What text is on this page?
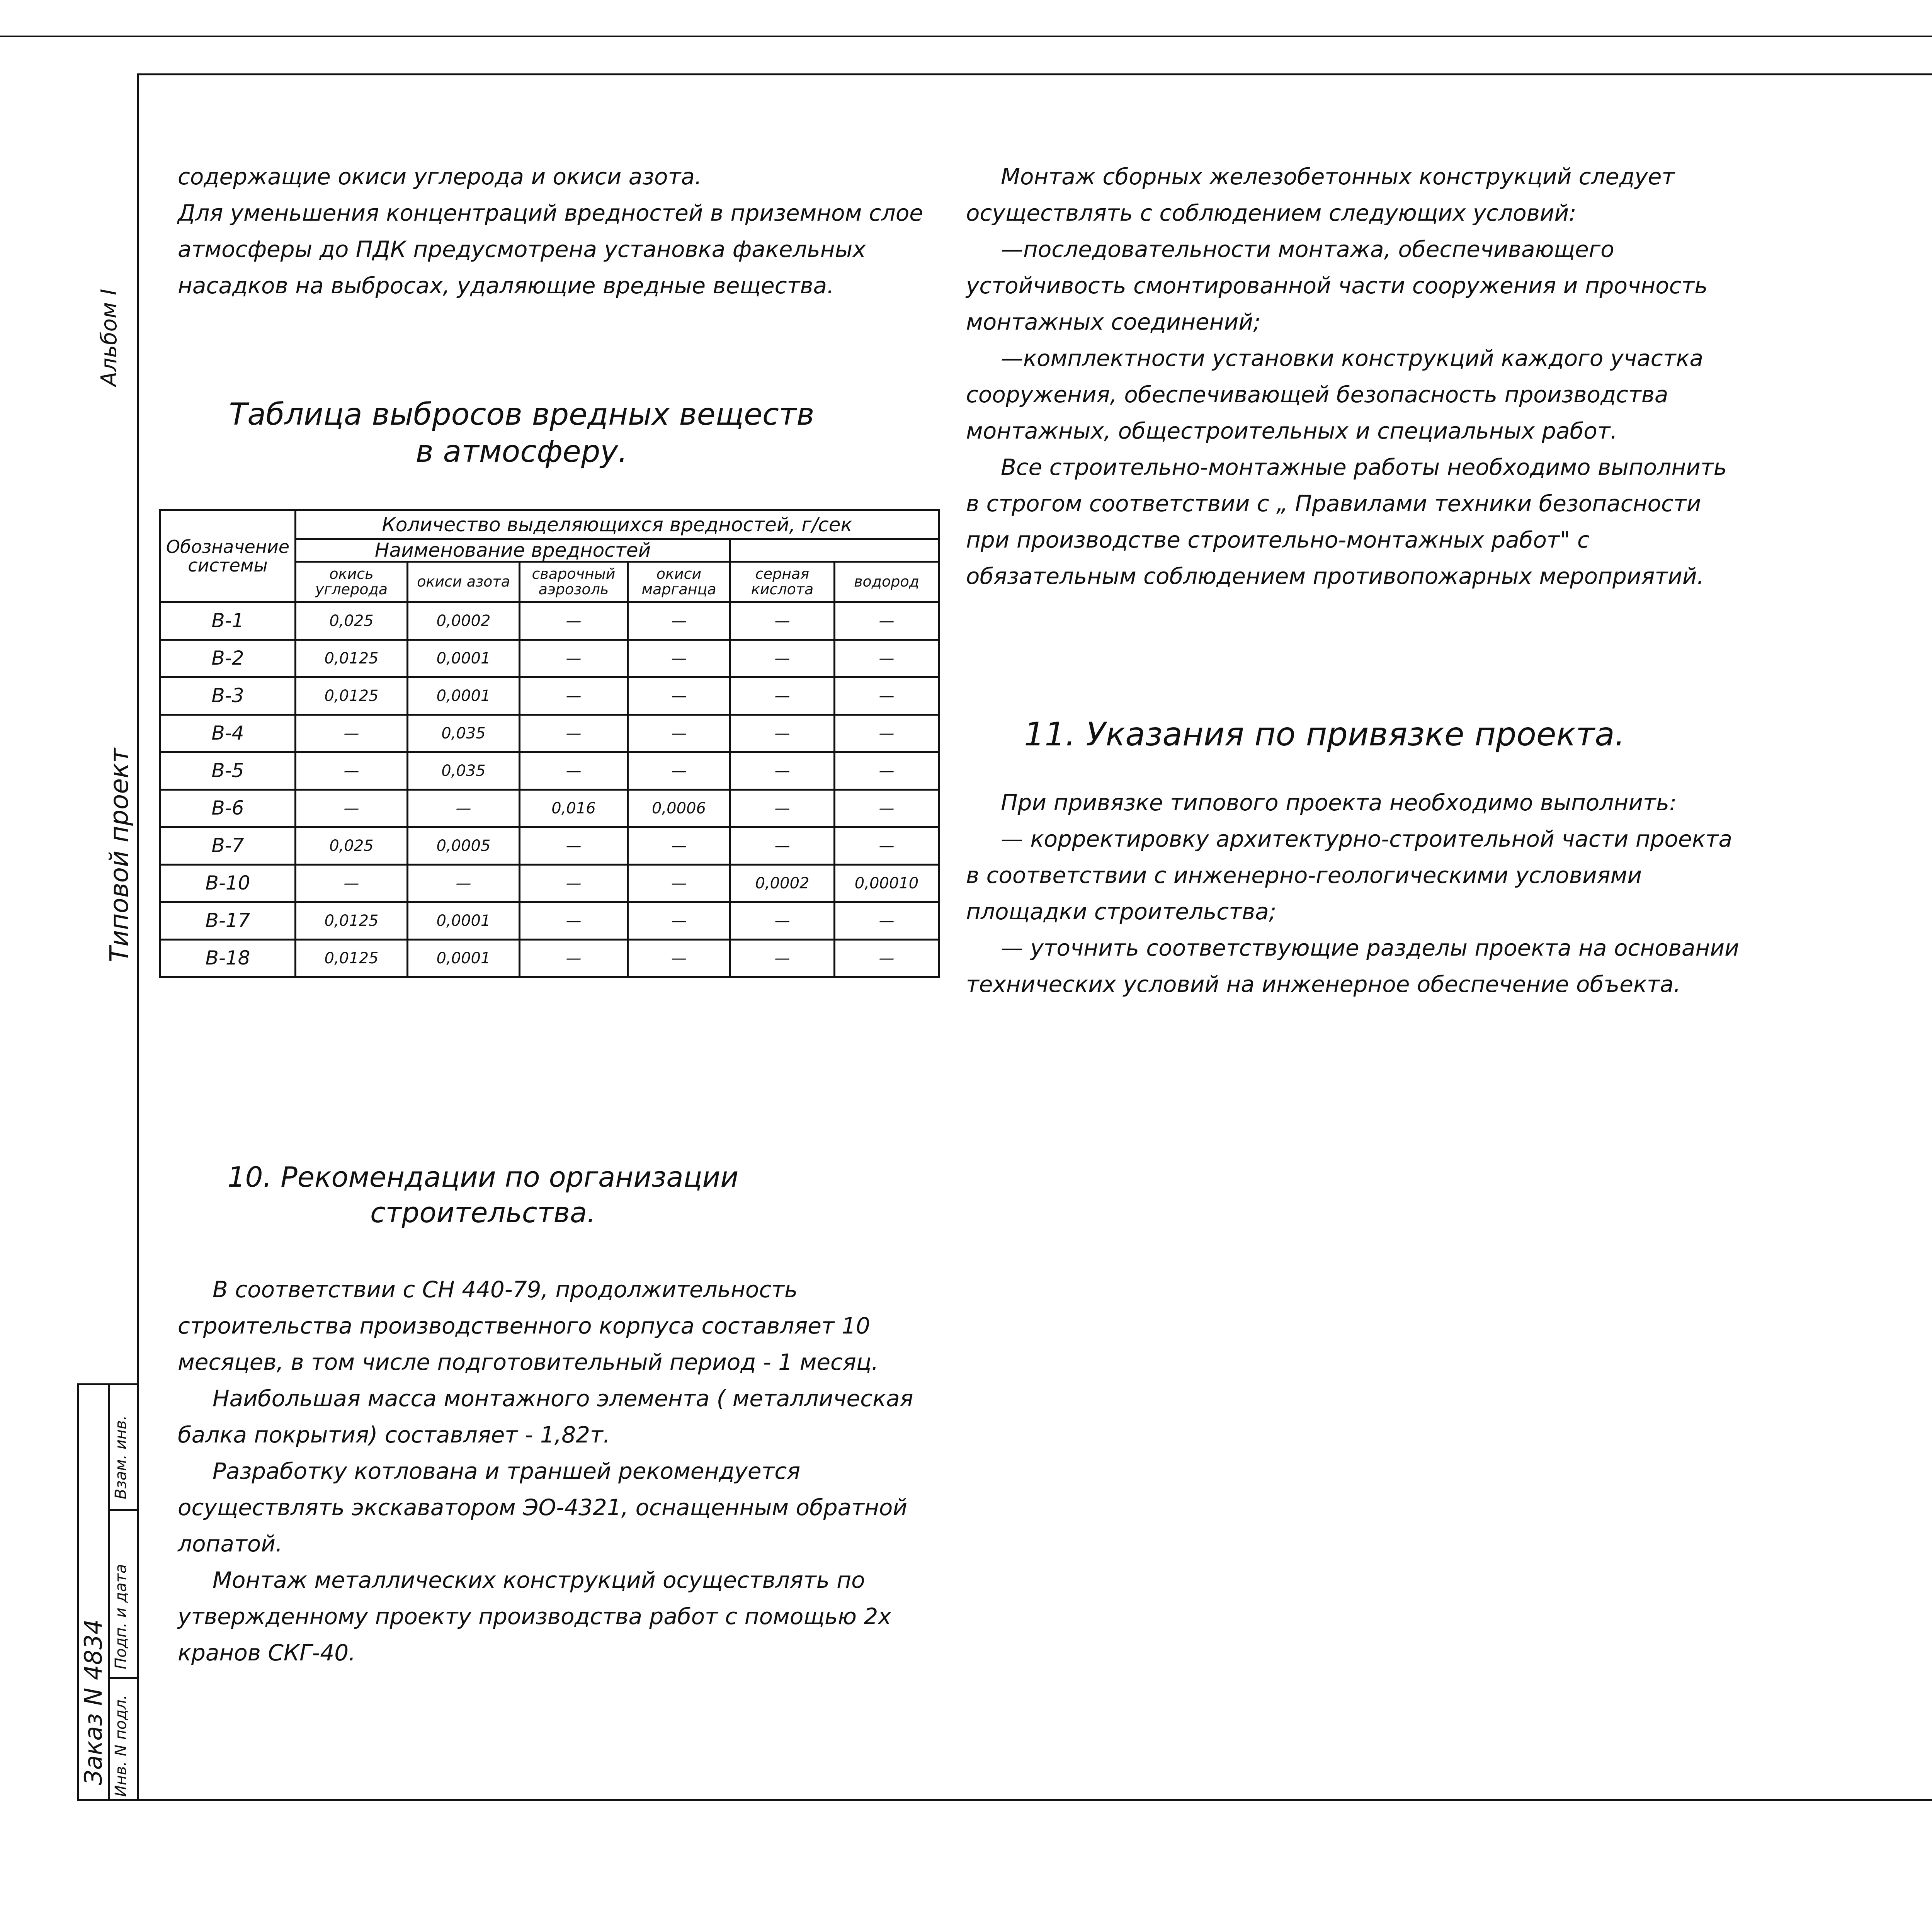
Альбом I
Типовой проект
Заказ N 4834 Инв. N подл.
Подп. и дата
Взам. инв.

содержащие окиси углерода и окиси азота.

Для уменьшения концентраций вредностей в приземном слое атмосферы до ПДК предусмотрена установка факельных насадков на выбросах, удаляющие вредные вещества.

Таблица выбросов вредных веществ
в атмосферу.
Обозначение системы	Количество выделяющихся вредностей, г/сек					
	Наименование вредностей					
	окись углерода	окиси азота	сварочный аэрозоль	окиси марганца	серная кислота	водород
В-1	0,025	0,0002	—	—	—	—
В-2	0,0125	0,0001	—	—	—	—
В-3	0,0125	0,0001	—	—	—	—
В-4	—	0,035	—	—	—	—
В-5	—	0,035	—	—	—	—
В-6	—	—	0,016	0,0006	—	—
В-7	0,025	0,0005	—	—	—	—
В-10	—	—	—	—	0,0002	0,00010
В-17	0,0125	0,0001	—	—	—	—
В-18	0,0125	0,0001	—	—	—	—
10. Рекомендации по организации
строительства.

В соответствии с СН 440-79, продолжительность строительства производственного корпуса составляет 10 месяцев, в том числе подготовительный период - 1 месяц.

Наибольшая масса монтажного элемента ( металлическая балка покрытия) составляет - 1,82т.

Разработку котлована и траншей рекомендуется осуществлять экскаватором ЭО-4321, оснащенным обратной лопатой.

Монтаж металлических конструкций осуществлять по утвержденному проекту производства работ с помощью 2х кранов СКГ-40.

Монтаж сборных железобетонных конструкций следует осуществлять с соблюдением следующих условий:

—последовательности монтажа, обеспечивающего устойчивость смонтированной части сооружения и прочность монтажных соединений;

—комплектности установки конструкций каждого участка сооружения, обеспечивающей безопасность производства монтажных, общестроительных и специальных работ.

Все строительно-монтажные работы необходимо выполнить в строгом соответствии с „ Правилами техники безопасности при производстве строительно-монтажных работ" с обязательным соблюдением противопожарных мероприятий.

11. Указания по привязке проекта.

При привязке типового проекта необходимо выполнить:

— корректировку архитектурно-строительной части проекта в соответствии с инженерно-геологическими условиями площадки строительства;

— уточнить соответствующие разделы проекта на основании технических условий на инженерное обеспечение объекта.
